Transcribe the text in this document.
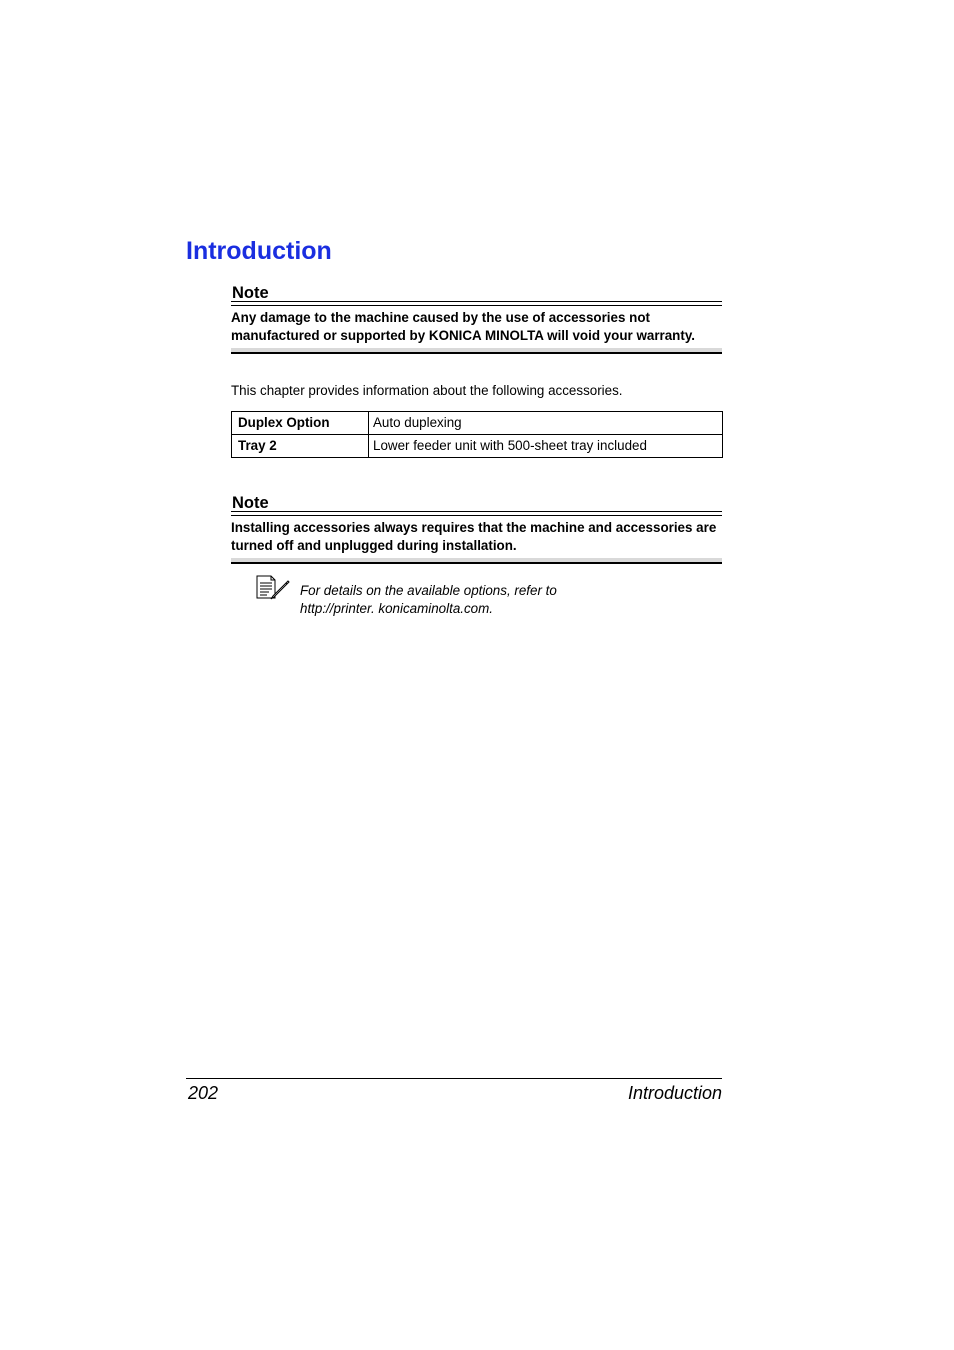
Introduction
Note
Any damage to the machine caused by the use of accessories not manufactured or supported by KONICA MINOLTA will void your warranty.

This chapter provides information about the following accessories.

Duplex Option	Auto duplexing
Tray 2	Lower feeder unit with 500-sheet tray included
Note
Installing accessories always requires that the machine and accessories are turned off and unplugged during installation.

For details on the available options, refer to
http://printer. konicaminolta.com.

202	Introduction
